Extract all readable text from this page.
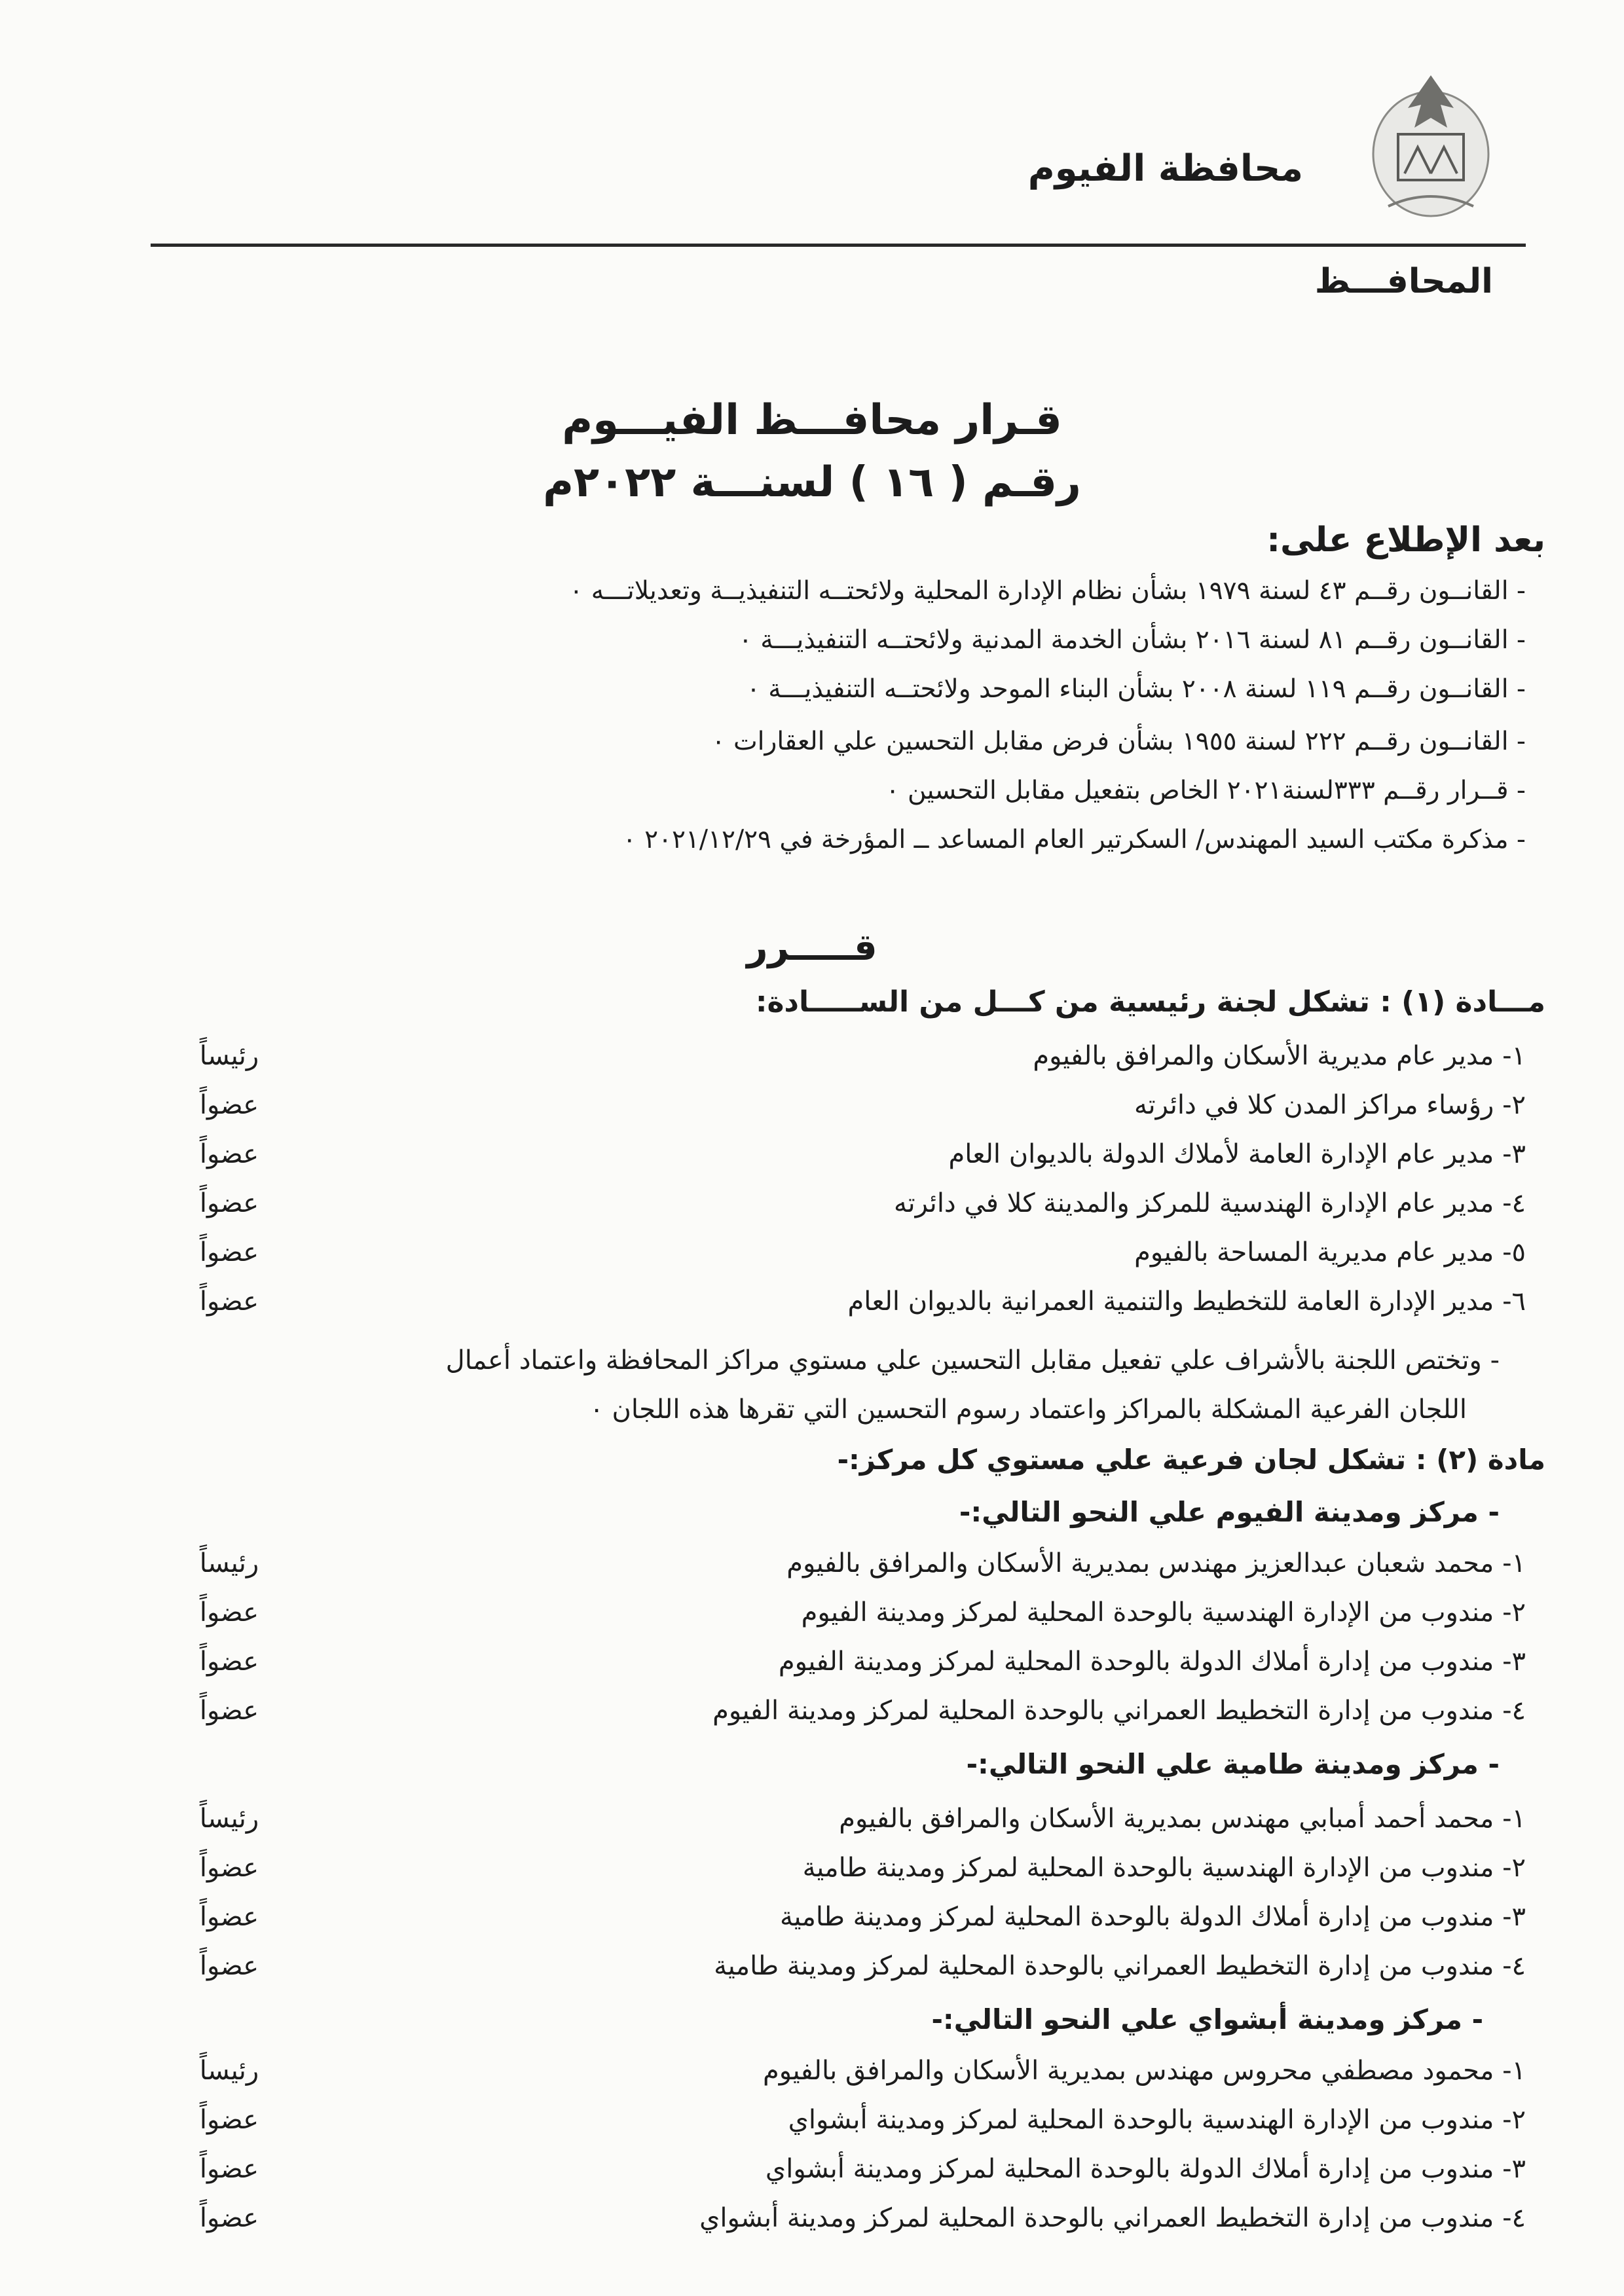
محافظة الفيوم
المحافـــظ
قـرار محافـــظ الفيـــوم
رقـم ( ١٦ ) لسنـــة ٢٠٢٢م
بعد الإطلاع على:
- القانــون رقــم ٤٣ لسنة ١٩٧٩ بشأن نظام الإدارة المحلية ولائحتــه التنفيذيــة وتعديلاتـــه ٠
- القانــون رقــم ٨١ لسنة ٢٠١٦ بشأن الخدمة المدنية ولائحتــه التنفيذيـــة ٠
- القانــون رقــم ١١٩ لسنة ٢٠٠٨ بشأن البناء الموحد ولائحتــه التنفيذيـــة ٠
- القانــون رقــم ٢٢٢ لسنة ١٩٥٥ بشأن فرض مقابل التحسين علي العقارات ٠
- قــرار رقــم ٣٣٣لسنة٢٠٢١ الخاص بتفعيل مقابل التحسين ٠
- مذكرة مكتب السيد المهندس/ السكرتير العام المساعد ــ المؤرخة في ٢٠٢١/١٢/٢٩ ٠
قـــــرر
مـــادة (١) : تشكل لجنة رئيسية من كـــل من الســـــادة:
١- مدير عام مديرية الأسكان والمرافق بالفيوم
رئيساً
٢- رؤساء مراكز المدن كلا في دائرته
عضواً
٣- مدير عام الإدارة العامة لأملاك الدولة بالديوان العام
عضواً
٤- مدير عام الإدارة الهندسية للمركز والمدينة كلا في دائرته
عضواً
٥- مدير عام مديرية المساحة بالفيوم
عضواً
٦- مدير الإدارة العامة للتخطيط والتنمية العمرانية بالديوان العام
عضواً
- وتختص اللجنة بالأشراف علي تفعيل مقابل التحسين علي مستوي مراكز المحافظة واعتماد أعمال
اللجان الفرعية المشكلة بالمراكز واعتماد رسوم التحسين التي تقرها هذه اللجان ٠
مادة (٢) : تشكل لجان فرعية علي مستوي كل مركز:-
- مركز ومدينة الفيوم علي النحو التالي:-
١- محمد شعبان عبدالعزيز مهندس بمديرية الأسكان والمرافق بالفيوم
رئيساً
٢- مندوب من الإدارة الهندسية بالوحدة المحلية لمركز ومدينة الفيوم
عضواً
٣- مندوب من إدارة أملاك الدولة بالوحدة المحلية لمركز ومدينة الفيوم
عضواً
٤- مندوب من إدارة التخطيط العمراني بالوحدة المحلية لمركز ومدينة الفيوم
عضواً
- مركز ومدينة طامية علي النحو التالي:-
١- محمد أحمد أمبابي مهندس بمديرية الأسكان والمرافق بالفيوم
رئيساً
٢- مندوب من الإدارة الهندسية بالوحدة المحلية لمركز ومدينة طامية
عضواً
٣- مندوب من إدارة أملاك الدولة بالوحدة المحلية لمركز ومدينة طامية
عضواً
٤- مندوب من إدارة التخطيط العمراني بالوحدة المحلية لمركز ومدينة طامية
عضواً
- مركز ومدينة أبشواي علي النحو التالي:-
١- محمود مصطفي محروس مهندس بمديرية الأسكان والمرافق بالفيوم
رئيساً
٢- مندوب من الإدارة الهندسية بالوحدة المحلية لمركز ومدينة أبشواي
عضواً
٣- مندوب من إدارة أملاك الدولة بالوحدة المحلية لمركز ومدينة أبشواي
عضواً
٤- مندوب من إدارة التخطيط العمراني بالوحدة المحلية لمركز ومدينة أبشواي
عضواً
